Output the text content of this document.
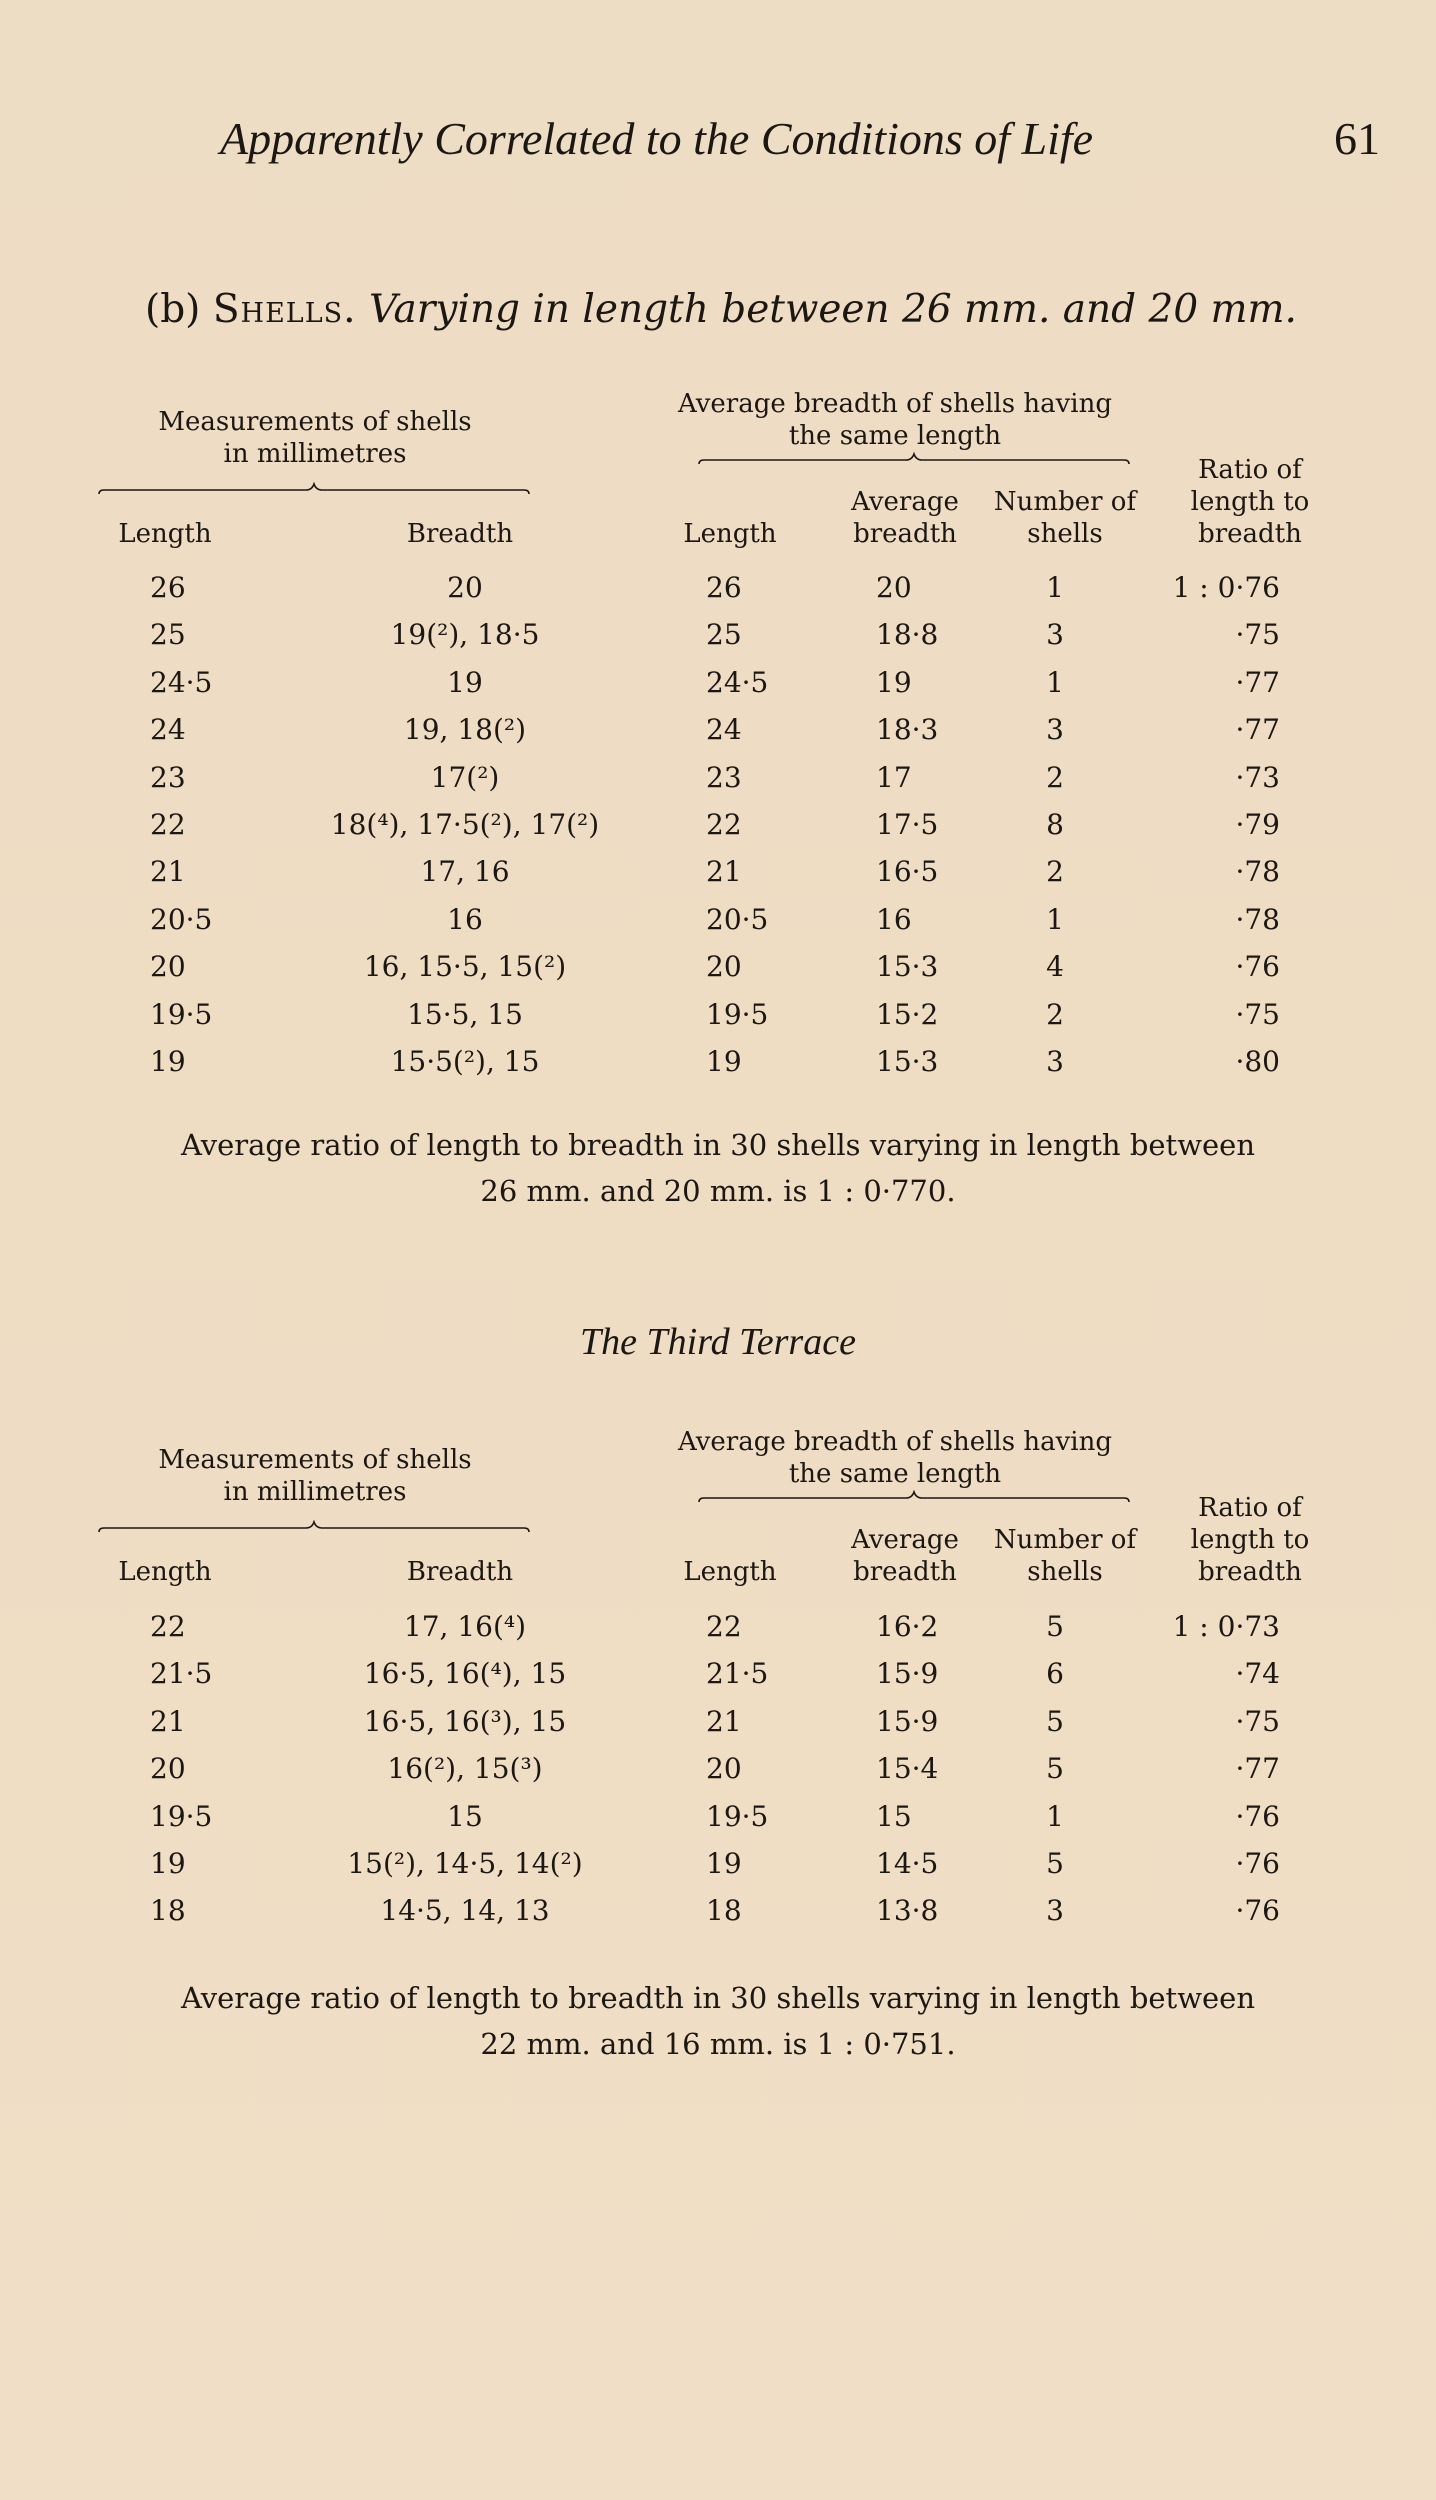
Apparently Correlated to the Conditions of Life	61
(b) Shells. Varying in length between 26 mm. and 20 mm.
Measurements of shells
in millimetres
Average breadth of shells having
the same length
Ratio of
length to
breadth
Average
breadth
Number of
shells
Length	Breadth	Length
26	20	26	20	1	1 : 0·76
25	19(²), 18·5	25	18·8	3	·75
24·5	19	24·5	19	1	·77
24	19, 18(²)	24	18·3	3	·77
23	17(²)	23	17	2	·73
22	18(⁴), 17·5(²), 17(²)	22	17·5	8	·79
21	17, 16	21	16·5	2	·78
20·5	16	20·5	16	1	·78
20	16, 15·5, 15(²)	20	15·3	4	·76
19·5	15·5, 15	19·5	15·2	2	·75
19	15·5(²), 15	19	15·3	3	·80
Average ratio of length to breadth in 30 shells varying in length between
26 mm. and 20 mm. is 1 : 0·770.
The Third Terrace
Measurements of shells
in millimetres
Average breadth of shells having
the same length
Ratio of
length to
breadth
Average
breadth
Number of
shells
Length	Breadth	Length
22	17, 16(⁴)	22	16·2	5	1 : 0·73
21·5	16·5, 16(⁴), 15	21·5	15·9	6	·74
21	16·5, 16(³), 15	21	15·9	5	·75
20	16(²), 15(³)	20	15·4	5	·77
19·5	15	19·5	15	1	·76
19	15(²), 14·5, 14(²)	19	14·5	5	·76
18	14·5, 14, 13	18	13·8	3	·76
Average ratio of length to breadth in 30 shells varying in length between
22 mm. and 16 mm. is 1 : 0·751.
